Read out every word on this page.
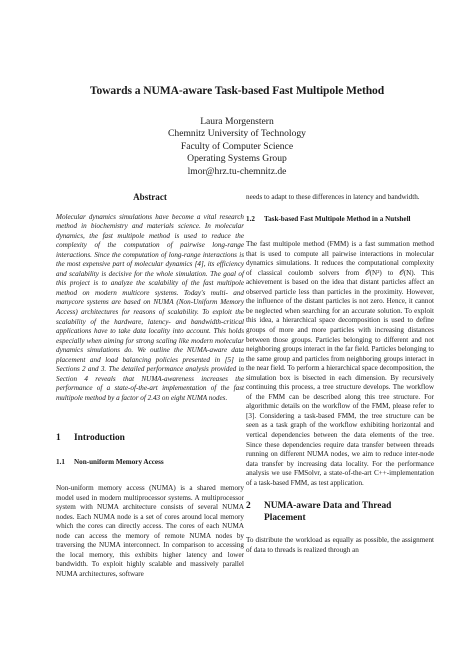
Towards a NUMA-aware Task-based Fast Multipole Method
Laura Morgenstern
Chemnitz University of Technology
Faculty of Computer Science
Operating Systems Group
lmor@hrz.tu-chemnitz.de
Abstract

Molecular dynamics simulations have become a vital research method in biochemistry and materials science. In molecular dynamics, the fast multipole method is used to reduce the complexity of the computation of pairwise long-range interactions. Since the computation of long-range interactions is the most expensive part of molecular dynamics [4], its efficiency and scalability is decisive for the whole simulation. The goal of this project is to analyze the scalability of the fast multipole method on modern multicore systems. Today's multi- and manycore systems are based on NUMA (Non-Uniform Memory Access) architectures for reasons of scalability. To exploit the scalability of the hardware, latency- and bandwidth-critical applications have to take data locality into account. This holds especially when aiming for strong scaling like modern molecular dynamics simulations do. We outline the NUMA-aware data placement and load balancing policies presented in [5] in Sections 2 and 3. The detailed performance analysis provided in Section 4 reveals that NUMA-awareness increases the performance of a state-of-the-art implementation of the fast multipole method by a factor of 2.43 on eight NUMA nodes.

1	Introduction
1.1	Non-uniform Memory Access

Non-uniform memory access (NUMA) is a shared memory model used in modern multiprocessor systems. A multiprocessor system with NUMA architecture consists of several NUMA nodes. Each NUMA node is a set of cores around local memory which the cores can directly access. The cores of each NUMA node can access the memory of remote NUMA nodes by traversing the NUMA interconnect. In comparison to accessing the local memory, this exhibits higher latency and lower bandwidth. To exploit highly scalable and massively parallel NUMA architectures, software

needs to adapt to these differences in latency and bandwidth.

1.2	Task-based Fast Multipole Method in a Nutshell

The fast multipole method (FMM) is a fast summation method that is used to compute all pairwise interactions in molecular dynamics simulations. It reduces the computational complexity of classical coulomb solvers from 𝒪(N²) to 𝒪(N). This achievement is based on the idea that distant particles affect an observed particle less than particles in the proximity. However, the influence of the distant particles is not zero. Hence, it cannot be neglected when searching for an accurate solution. To exploit this idea, a hierarchical space decomposition is used to define groups of more and more particles with increasing distances between those groups. Particles belonging to different and not neighboring groups interact in the far field. Particles belonging to the same group and particles from neighboring groups interact in the near field. To perform a hierarchical space decomposition, the simulation box is bisected in each dimension. By recursively continuing this process, a tree structure develops. The workflow of the FMM can be described along this tree structure. For algorithmic details on the workflow of the FMM, please refer to [3]. Considering a task-based FMM, the tree structure can be seen as a task graph of the workflow exhibiting horizontal and vertical dependencies between the data elements of the tree. Since these dependencies require data transfer between threads running on different NUMA nodes, we aim to reduce inter-node data transfer by increasing data locality. For the performance analysis we use FMSolvr, a state-of-the-art C++-implementation of a task-based FMM, as test application.

2	NUMA-aware Data and Thread Placement

To distribute the workload as equally as possible, the assignment of data to threads is realized through an
